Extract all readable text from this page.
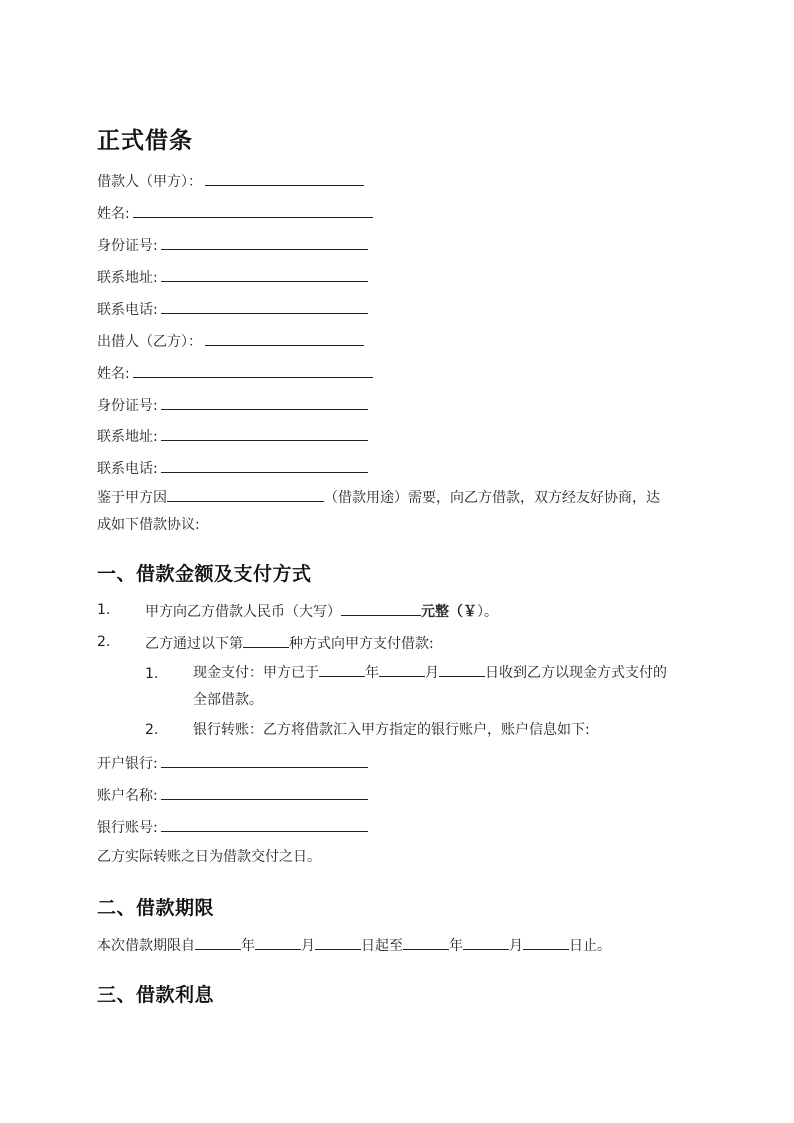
正式借条
借款人（甲方）：
姓名:
身份证号:
联系地址:
联系电话:
出借人（乙方）：
姓名:
身份证号:
联系地址:
联系电话:
鉴于甲方因	（借款用途）需要，向乙方借款，双方经友好协商，达
成如下借款协议:
一、借款金额及支付方式
1. 甲方向乙方借款人民币（大写）	元整（￥）。
2. 乙方通过以下第	种方式向甲方支付借款:
1. 现金支付：甲方已于	年	月	日收到乙方以现金方式支付的
全部借款。
2. 银行转账：乙方将借款汇入甲方指定的银行账户，账户信息如下:
开户银行:
账户名称:
银行账号:
乙方实际转账之日为借款交付之日。
二、借款期限
本次借款期限自	年	月	日起至	年	月	日止。
三、借款利息
